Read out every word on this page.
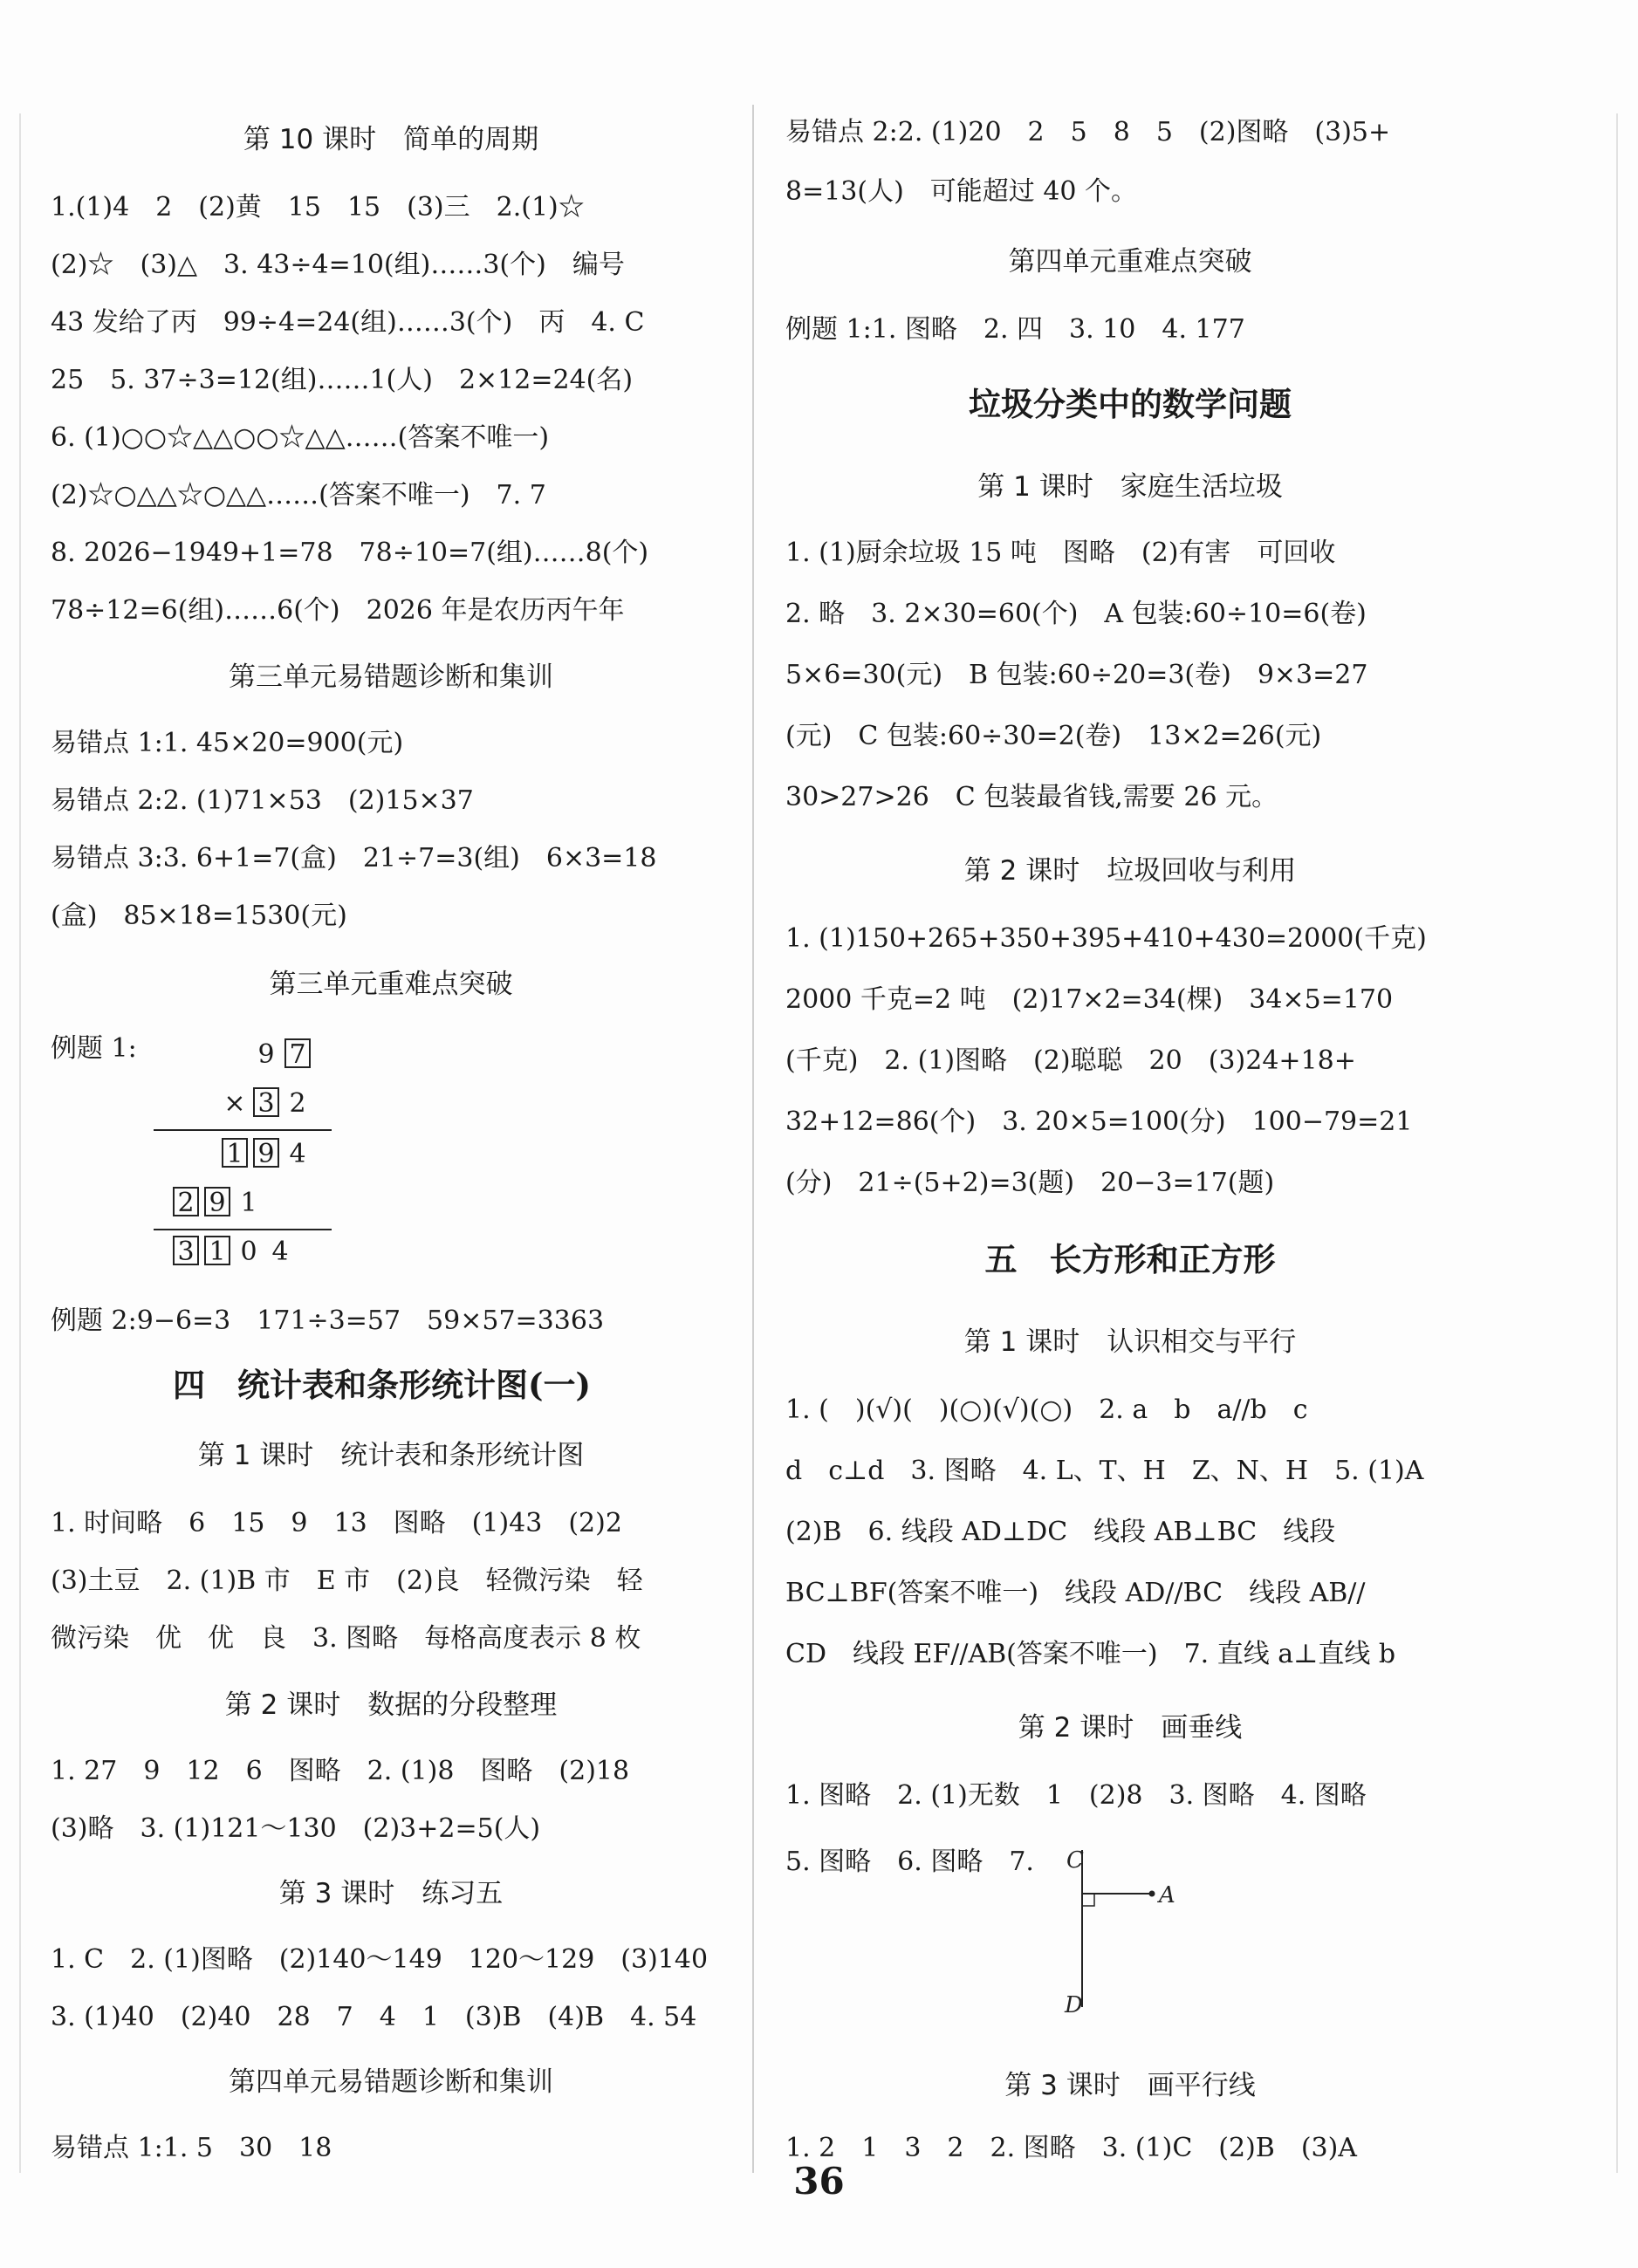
第 10 课时　简单的周期
1.(1)4　2　(2)黄　15　15　(3)三　2.(1)☆
(2)☆　(3)△　3. 43÷4=10(组)……3(个)　编号
43 发给了丙　99÷4=24(组)……3(个)　丙　4. C
25　5. 37÷3=12(组)……1(人)　2×12=24(名)
6. (1)○○☆△△○○☆△△……(答案不唯一)
(2)☆○△△☆○△△……(答案不唯一)　7. 7
8. 2026−1949+1=78　78÷10=7(组)……8(个)
78÷12=6(组)……6(个)　2026 年是农历丙午年
第三单元易错题诊断和集训
易错点 1:1. 45×20=900(元)
易错点 2:2. (1)71×53　(2)15×37
易错点 3:3. 6+1=7(盒)　21÷7=3(组)　6×3=18
(盒)　85×18=1530(元)
第三单元重难点突破
例题 1:	9 7
× 3 2
1 9 4
2 9 1
3 1 0 4
例题 2:9−6=3　171÷3=57　59×57=3363
四　统计表和条形统计图(一)
第 1 课时　统计表和条形统计图
1. 时间略　6　15　9　13　图略　(1)43　(2)2
(3)土豆　2. (1)B 市　E 市　(2)良　轻微污染　轻
微污染　优　优　良　3. 图略　每格高度表示 8 枚
第 2 课时　数据的分段整理
1. 27　9　12　6　图略　2. (1)8　图略　(2)18
(3)略　3. (1)121～130　(2)3+2=5(人)
第 3 课时　练习五
1. C　2. (1)图略　(2)140～149　120～129　(3)140
3. (1)40　(2)40　28　7　4　1　(3)B　(4)B　4. 54
第四单元易错题诊断和集训
易错点 1:1. 5　30　18
易错点 2:2. (1)20　2　5　8　5　(2)图略　(3)5+
8=13(人)　可能超过 40 个。
第四单元重难点突破
例题 1:1. 图略　2. 四　3. 10　4. 177
垃圾分类中的数学问题
第 1 课时　家庭生活垃圾
1. (1)厨余垃圾 15 吨　图略　(2)有害　可回收
2. 略　3. 2×30=60(个)　A 包装:60÷10=6(卷)
5×6=30(元)　B 包装:60÷20=3(卷)　9×3=27
(元)　C 包装:60÷30=2(卷)　13×2=26(元)
30>27>26　C 包装最省钱,需要 26 元。
第 2 课时　垃圾回收与利用
1. (1)150+265+350+395+410+430=2000(千克)
2000 千克=2 吨　(2)17×2=34(棵)　34×5=170
(千克)　2. (1)图略　(2)聪聪　20　(3)24+18+
32+12=86(个)　3. 20×5=100(分)　100−79=21
(分)　21÷(5+2)=3(题)　20−3=17(题)
五　长方形和正方形
第 1 课时　认识相交与平行
1. (　)(√)(　)(○)(√)(○)　2. a　b　a//b　c
d　c⊥d　3. 图略　4. L、T、H　Z、N、H　5. (1)A
(2)B　6. 线段 AD⊥DC　线段 AB⊥BC　线段
BC⊥BF(答案不唯一)　线段 AD//BC　线段 AB//
CD　线段 EF//AB(答案不唯一)　7. 直线 a⊥直线 b
第 2 课时　画垂线
1. 图略　2. (1)无数　1　(2)8　3. 图略　4. 图略
5. 图略　6. 图略　7. C
A
D
第 3 课时　画平行线
1. 2　1　3　2　2. 图略　3. (1)C　(2)B　(3)A
36
